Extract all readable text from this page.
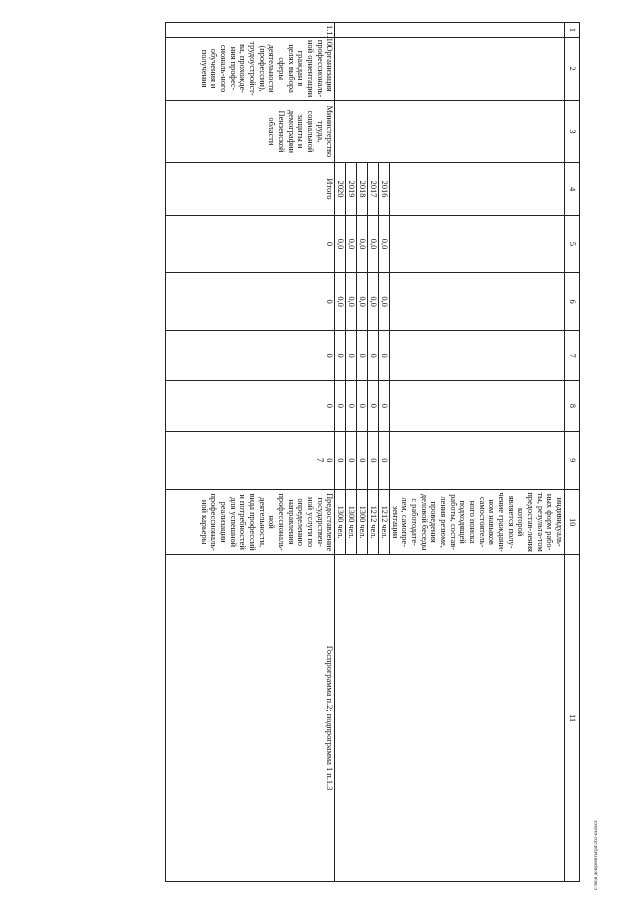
7
c:\мои документы\pd\161-ш.docx
1	2	3	4	5	6	7	8	9	10	11
									индивидуаль-ных форм рабо-ты, результа-том предостав-ления которой является полу-чение граждани-ном навыков самостоятель-ного поиска подходящей работы, состав-ления резюме, проведения деловой беседы с работодате-лем, самопре-зентации	
			2016	0,0	0,0	0	0	0	1212 чел.	
			2017	0,0	0,0	0	0	0	1212 чел.	
			2018	0,0	0,0	0	0	0	1300 чел.	
			2019	0,0	0,0	0	0	0	1300 чел.	
			2020	0,0	0,0	0	0	0	1300 чел.	
1.1.10.	Организация профессиональ-ной ориентации граждан в целях выбора сферы деятельности (профессии), трудоустройст-ва, прохожде-ния профес-сиональ-ного обучения и получения	Министерство труда, социальной защиты и демографии Пензенской области	Итого	0	0	0	0	0	Предоставление государствен-ной услуги по определению направления профессиональ-ной деятельности, вида профессий и потребностей для успешной реализации профессиональ-ной карьеры	Госпрограмма п.2; подпрограмма 1 п.1.3
